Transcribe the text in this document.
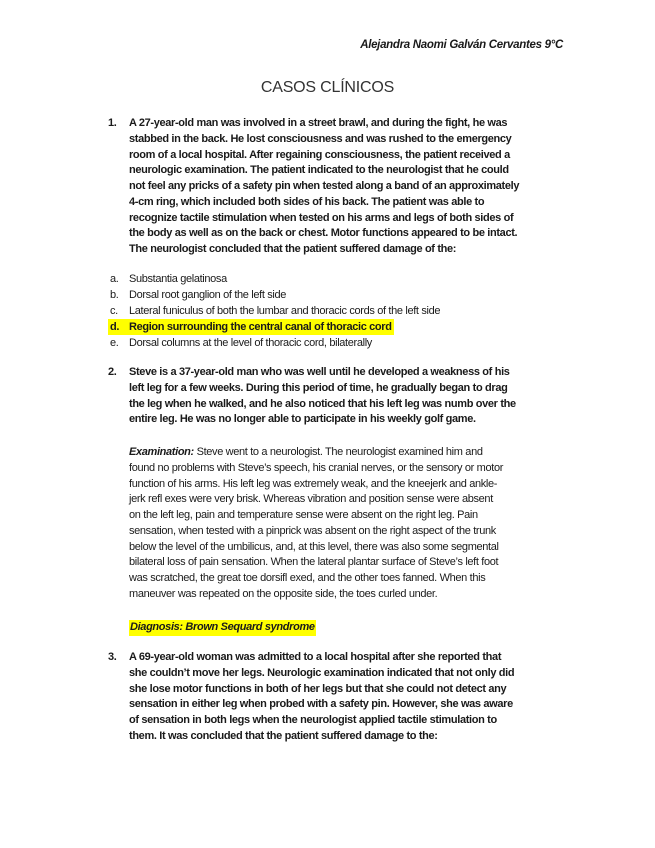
Alejandra Naomi Galván Cervantes 9°C
CASOS CLÍNICOS
1. A 27-year-old man was involved in a street brawl, and during the fight, he was
stabbed in the back. He lost consciousness and was rushed to the emergency
room of a local hospital. After regaining consciousness, the patient received a
neurologic examination. The patient indicated to the neurologist that he could
not feel any pricks of a safety pin when tested along a band of an approximately
4-cm ring, which included both sides of his back. The patient was able to
recognize tactile stimulation when tested on his arms and legs of both sides of
the body as well as on the back or chest. Motor functions appeared to be intact.
The neurologist concluded that the patient suffered damage of the:
a. Substantia gelatinosa
b. Dorsal root ganglion of the left side
c. Lateral funiculus of both the lumbar and thoracic cords of the left side
d. Region surrounding the central canal of thoracic cord
e. Dorsal columns at the level of thoracic cord, bilaterally
2. Steve is a 37-year-old man who was well until he developed a weakness of his
left leg for a few weeks. During this period of time, he gradually began to drag
the leg when he walked, and he also noticed that his left leg was numb over the
entire leg. He was no longer able to participate in his weekly golf game.
Examination: Steve went to a neurologist. The neurologist examined him and
found no problems with Steve’s speech, his cranial nerves, or the sensory or motor
function of his arms. His left leg was extremely weak, and the kneejerk and ankle-
jerk refl exes were very brisk. Whereas vibration and position sense were absent
on the left leg, pain and temperature sense were absent on the right leg. Pain
sensation, when tested with a pinprick was absent on the right aspect of the trunk
below the level of the umbilicus, and, at this level, there was also some segmental
bilateral loss of pain sensation. When the lateral plantar surface of Steve’s left foot
was scratched, the great toe dorsifl exed, and the other toes fanned. When this
maneuver was repeated on the opposite side, the toes curled under.
Diagnosis: Brown Sequard syndrome
3. A 69-year-old woman was admitted to a local hospital after she reported that
she couldn’t move her legs. Neurologic examination indicated that not only did
she lose motor functions in both of her legs but that she could not detect any
sensation in either leg when probed with a safety pin. However, she was aware
of sensation in both legs when the neurologist applied tactile stimulation to
them. It was concluded that the patient suffered damage to the:
